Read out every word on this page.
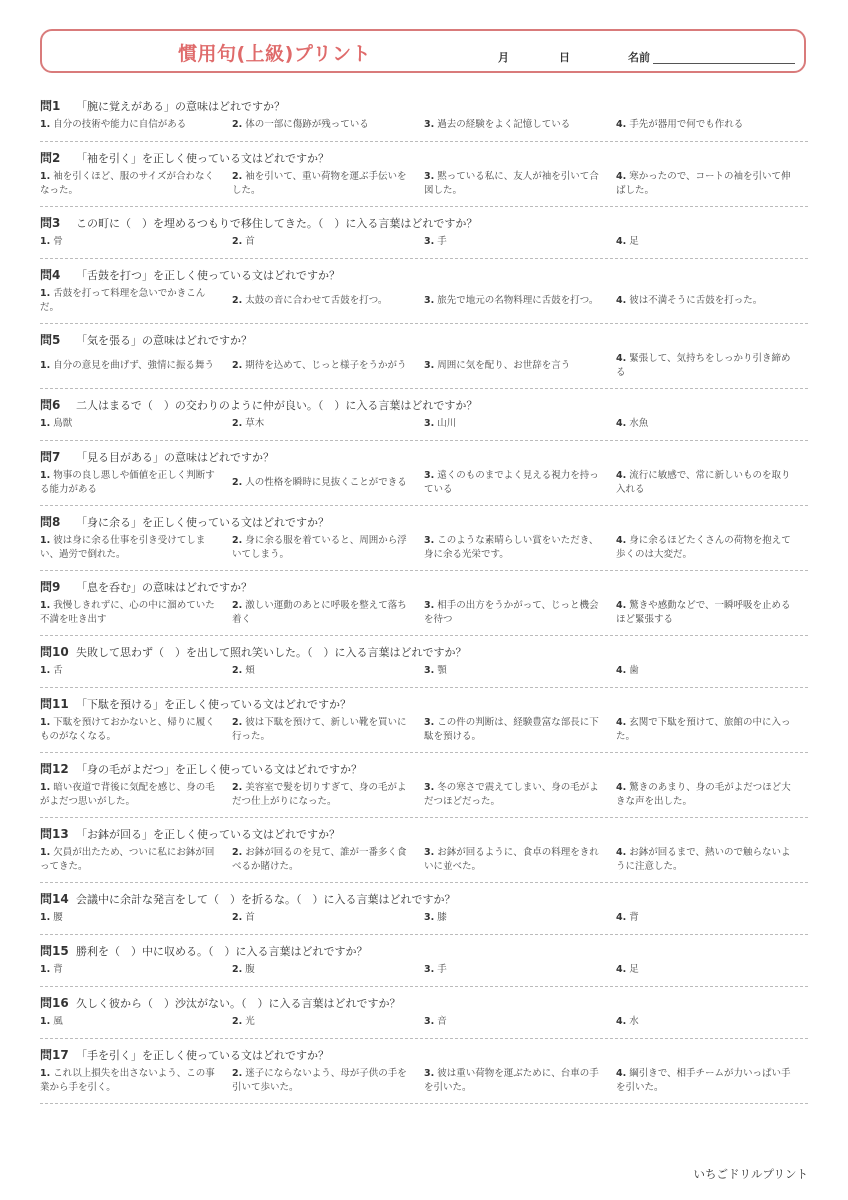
慣用句(上級)プリント	月	日	名前
問1	「腕に覚えがある」の意味はどれですか？
1. 自分の技術や能力に自信がある	2. 体の一部に傷跡が残っている	3. 過去の経験をよく記憶している	4. 手先が器用で何でも作れる
問2	「袖を引く」を正しく使っている文はどれですか？
1. 袖を引くほど、服のサイズが合わなくなった。
2. 袖を引いて、重い荷物を運ぶ手伝いをした。
3. 黙っている私に、友人が袖を引いて合図した。
4. 寒かったので、コートの袖を引いて伸ばした。
問3	この町に（　）を埋めるつもりで移住してきた。（　）に入る言葉はどれですか？
1. 骨	2. 首	3. 手	4. 足
問4	「舌鼓を打つ」を正しく使っている文はどれですか？
1. 舌鼓を打って料理を急いでかきこんだ。
2. 太鼓の音に合わせて舌鼓を打つ。	3. 旅先で地元の名物料理に舌鼓を打つ。 4. 彼は不満そうに舌鼓を打った。
問5	「気を張る」の意味はどれですか？
1. 自分の意見を曲げず、強情に振る舞う 2. 期待を込めて、じっと様子をうかがう 3. 周囲に気を配り、お世辞を言う
4. 緊張して、気持ちをしっかり引き締める
問6	二人はまるで（　）の交わりのように仲が良い。（　）に入る言葉はどれですか？
1. 鳥獣	2. 草木	3. 山川	4. 水魚
問7	「見る目がある」の意味はどれですか？
1. 物事の良し悪しや価値を正しく判断する能力がある
2. 人の性格を瞬時に見抜くことができる
3. 遠くのものまでよく見える視力を持っている
4. 流行に敏感で、常に新しいものを取り入れる
問8	「身に余る」を正しく使っている文はどれですか？
1. 彼は身に余る仕事を引き受けてしまい、過労で倒れた。
2. 身に余る服を着ていると、周囲から浮いてしまう。
3. このような素晴らしい賞をいただき、身に余る光栄です。
4. 身に余るほどたくさんの荷物を抱えて歩くのは大変だ。
問9	「息を呑む」の意味はどれですか？
1. 我慢しきれずに、心の中に溜めていた不満を吐き出す
2. 激しい運動のあとに呼吸を整えて落ち着く
3. 相手の出方をうかがって、じっと機会を待つ
4. 驚きや感動などで、一瞬呼吸を止めるほど緊張する
問10 失敗して思わず（　）を出して照れ笑いした。（　）に入る言葉はどれですか？
1. 舌	2. 頬	3. 顎	4. 歯
問11 「下駄を預ける」を正しく使っている文はどれですか？
1. 下駄を預けておかないと、帰りに履くものがなくなる。
2. 彼は下駄を預けて、新しい靴を買いに行った。
3. この件の判断は、経験豊富な部長に下駄を預ける。
4. 玄関で下駄を預けて、旅館の中に入った。
問12 「身の毛がよだつ」を正しく使っている文はどれですか？
1. 暗い夜道で背後に気配を感じ、身の毛がよだつ思いがした。
2. 美容室で髪を切りすぎて、身の毛がよだつ仕上がりになった。
3. 冬の寒さで震えてしまい、身の毛がよだつほどだった。
4. 驚きのあまり、身の毛がよだつほど大きな声を出した。
問13 「お鉢が回る」を正しく使っている文はどれですか？
1. 欠員が出たため、ついに私にお鉢が回ってきた。
2. お鉢が回るのを見て、誰が一番多く食べるか賭けた。
3. お鉢が回るように、食卓の料理をきれいに並べた。
4. お鉢が回るまで、熱いので触らないように注意した。
問14 会議中に余計な発言をして（　）を折るな。（　）に入る言葉はどれですか？
1. 腰	2. 首	3. 膝	4. 背
問15 勝利を（　）中に収める。（　）に入る言葉はどれですか？
1. 背	2. 腹	3. 手	4. 足
問16 久しく彼から（　）沙汰がない。（　）に入る言葉はどれですか？
1. 風	2. 光	3. 音	4. 水
問17 「手を引く」を正しく使っている文はどれですか？
1. これ以上損失を出さないよう、この事業から手を引く。
2. 迷子にならないよう、母が子供の手を引いて歩いた。
3. 彼は重い荷物を運ぶために、台車の手を引いた。
4. 綱引きで、相手チームが力いっぱい手を引いた。
いちごドリルプリント
